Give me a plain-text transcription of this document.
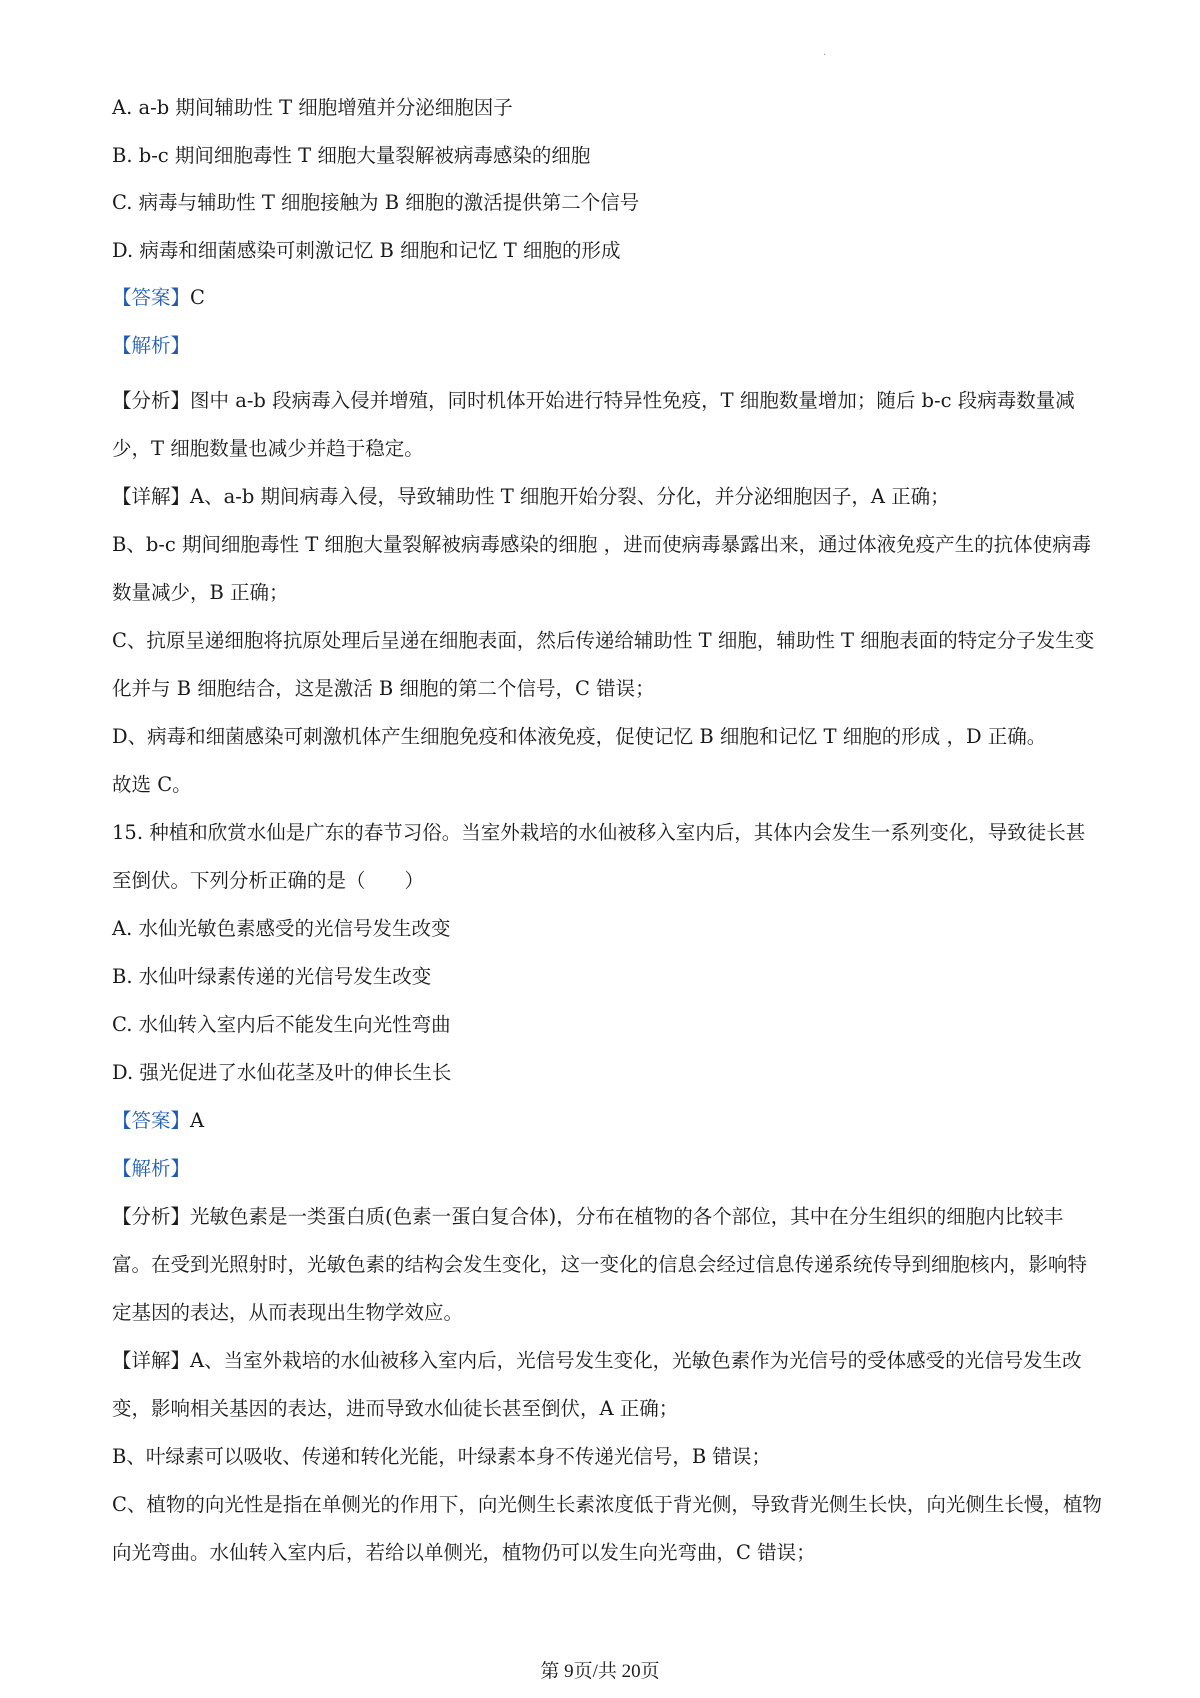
·

A. a-b 期间辅助性 T 细胞增殖并分泌细胞因子

B. b-c 期间细胞毒性 T 细胞大量裂解被病毒感染的细胞

C. 病毒与辅助性 T 细胞接触为 B 细胞的激活提供第二个信号

D. 病毒和细菌感染可刺激记忆 B 细胞和记忆 T 细胞的形成

【答案】C

【解析】

【分析】图中 a-b 段病毒入侵并增殖，同时机体开始进行特异性免疫，T 细胞数量增加；随后 b-c 段病毒数量减少，T 细胞数量也减少并趋于稳定。

【详解】A、a-b 期间病毒入侵，导致辅助性 T 细胞开始分裂、分化，并分泌细胞因子，A 正确；

B、b-c 期间细胞毒性 T 细胞大量裂解被病毒感染的细胞 ，进而使病毒暴露出来，通过体液免疫产生的抗体使病毒数量减少，B 正确；

C、抗原呈递细胞将抗原处理后呈递在细胞表面，然后传递给辅助性 T 细胞，辅助性 T 细胞表面的特定分子发生变化并与 B 细胞结合，这是激活 B 细胞的第二个信号，C 错误；

D、病毒和细菌感染可刺激机体产生细胞免疫和体液免疫，促使记忆 B 细胞和记忆 T 细胞的形成 ，D 正确。

故选 C。

15. 种植和欣赏水仙是广东的春节习俗。当室外栽培的水仙被移入室内后，其体内会发生一系列变化，导致徒长甚至倒伏。下列分析正确的是（　　）

A. 水仙光敏色素感受的光信号发生改变

B. 水仙叶绿素传递的光信号发生改变

C. 水仙转入室内后不能发生向光性弯曲

D. 强光促进了水仙花茎及叶的伸长生长

【答案】A

【解析】

【分析】光敏色素是一类蛋白质(色素一蛋白复合体)，分布在植物的各个部位，其中在分生组织的细胞内比较丰富。在受到光照射时，光敏色素的结构会发生变化，这一变化的信息会经过信息传递系统传导到细胞核内，影响特定基因的表达，从而表现出生物学效应。

【详解】A、当室外栽培的水仙被移入室内后，光信号发生变化，光敏色素作为光信号的受体感受的光信号发生改变，影响相关基因的表达，进而导致水仙徒长甚至倒伏，A 正确；

B、叶绿素可以吸收、传递和转化光能，叶绿素本身不传递光信号，B 错误；

C、植物的向光性是指在单侧光的作用下，向光侧生长素浓度低于背光侧，导致背光侧生长快，向光侧生长慢，植物向光弯曲。水仙转入室内后，若给以单侧光，植物仍可以发生向光弯曲，C 错误；

第 9页/共 20页
